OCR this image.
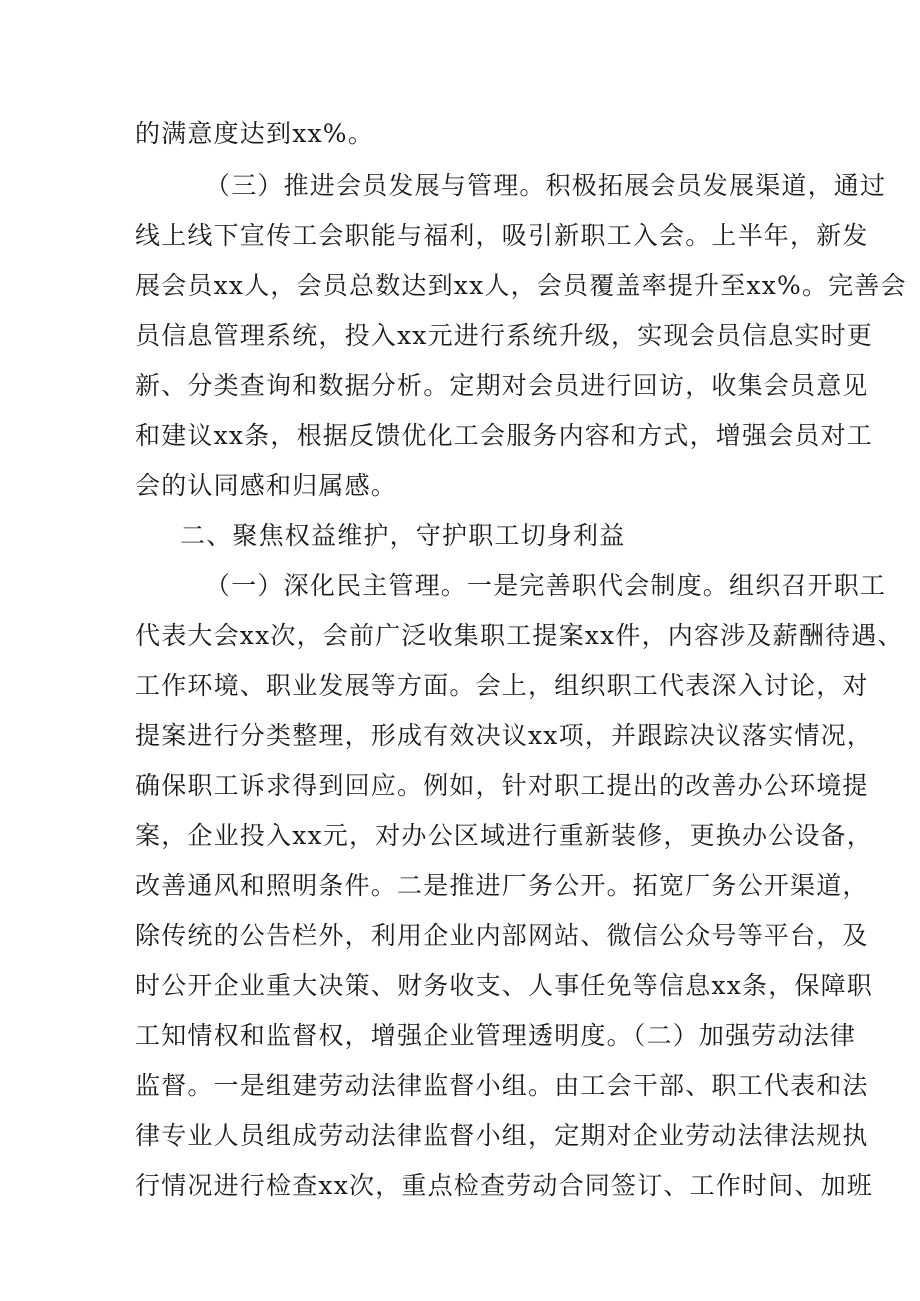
的满意度达到xx%。
（三）推进会员发展与管理。积极拓展会员发展渠道，通过
线上线下宣传工会职能与福利，吸引新职工入会。上半年，新发
展会员xx人，会员总数达到xx人，会员覆盖率提升至xx%。完善会
员信息管理系统，投入xx元进行系统升级，实现会员信息实时更
新、分类查询和数据分析。定期对会员进行回访，收集会员意见
和建议xx条，根据反馈优化工会服务内容和方式，增强会员对工
会的认同感和归属感。
二、聚焦权益维护，守护职工切身利益
（一）深化民主管理。一是完善职代会制度。组织召开职工
代表大会xx次，会前广泛收集职工提案xx件，内容涉及薪酬待遇、
工作环境、职业发展等方面。会上，组织职工代表深入讨论，对
提案进行分类整理，形成有效决议xx项，并跟踪决议落实情况，
确保职工诉求得到回应。例如，针对职工提出的改善办公环境提
案，企业投入xx元，对办公区域进行重新装修，更换办公设备，
改善通风和照明条件。二是推进厂务公开。拓宽厂务公开渠道，
除传统的公告栏外，利用企业内部网站、微信公众号等平台，及
时公开企业重大决策、财务收支、人事任免等信息xx条，保障职
工知情权和监督权，增强企业管理透明度。（二）加强劳动法律
监督。一是组建劳动法律监督小组。由工会干部、职工代表和法
律专业人员组成劳动法律监督小组，定期对企业劳动法律法规执
行情况进行检查xx次，重点检查劳动合同签订、工作时间、加班
